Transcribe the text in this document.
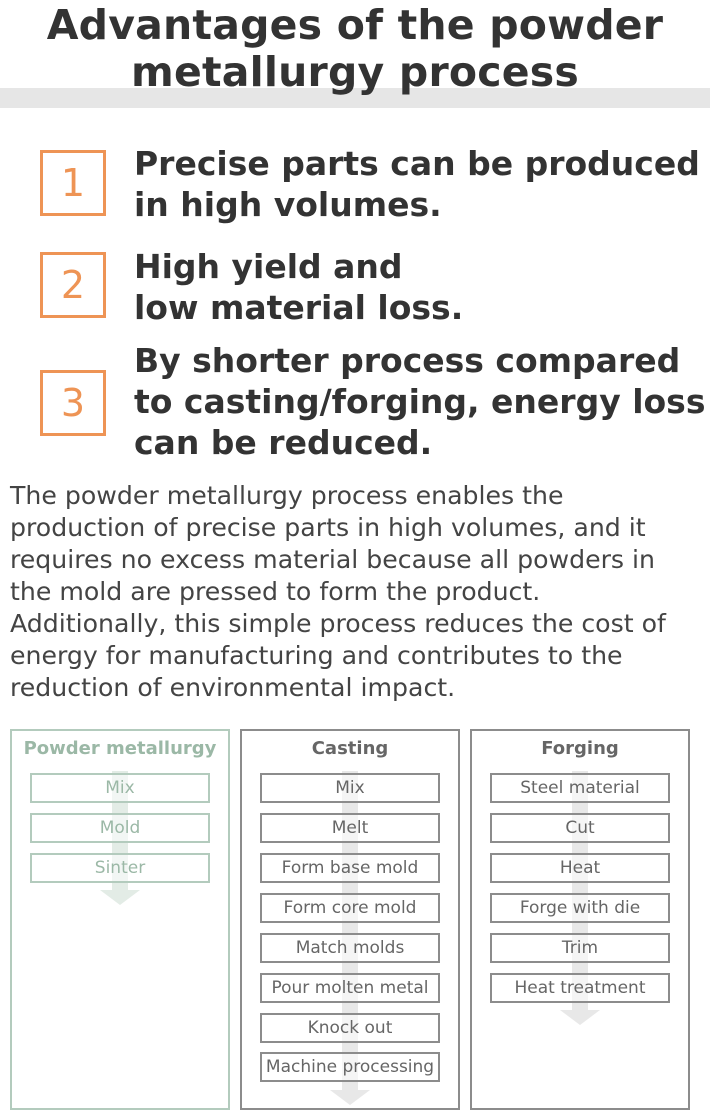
Advantages of the powder
metallurgy process
1	Precise parts can be produced
in high volumes.

2	High yield and
low material loss.

3

By shorter process compared
to casting/forging, energy loss
can be reduced.

The powder metallurgy process enables the
production of precise parts in high volumes, and it
requires no excess material because all powders in
the mold are pressed to form the product.
Additionally, this simple process reduces the cost of
energy for manufacturing and contributes to the
reduction of environmental impact.

Powder metallurgy
Mix
Mold
Sinter
Casting
Mix
Melt
Form base mold
Form core mold
Match molds
Pour molten metal
Knock out
Machine processing
Forging
Steel material
Cut
Heat
Forge with die
Trim
Heat treatment
